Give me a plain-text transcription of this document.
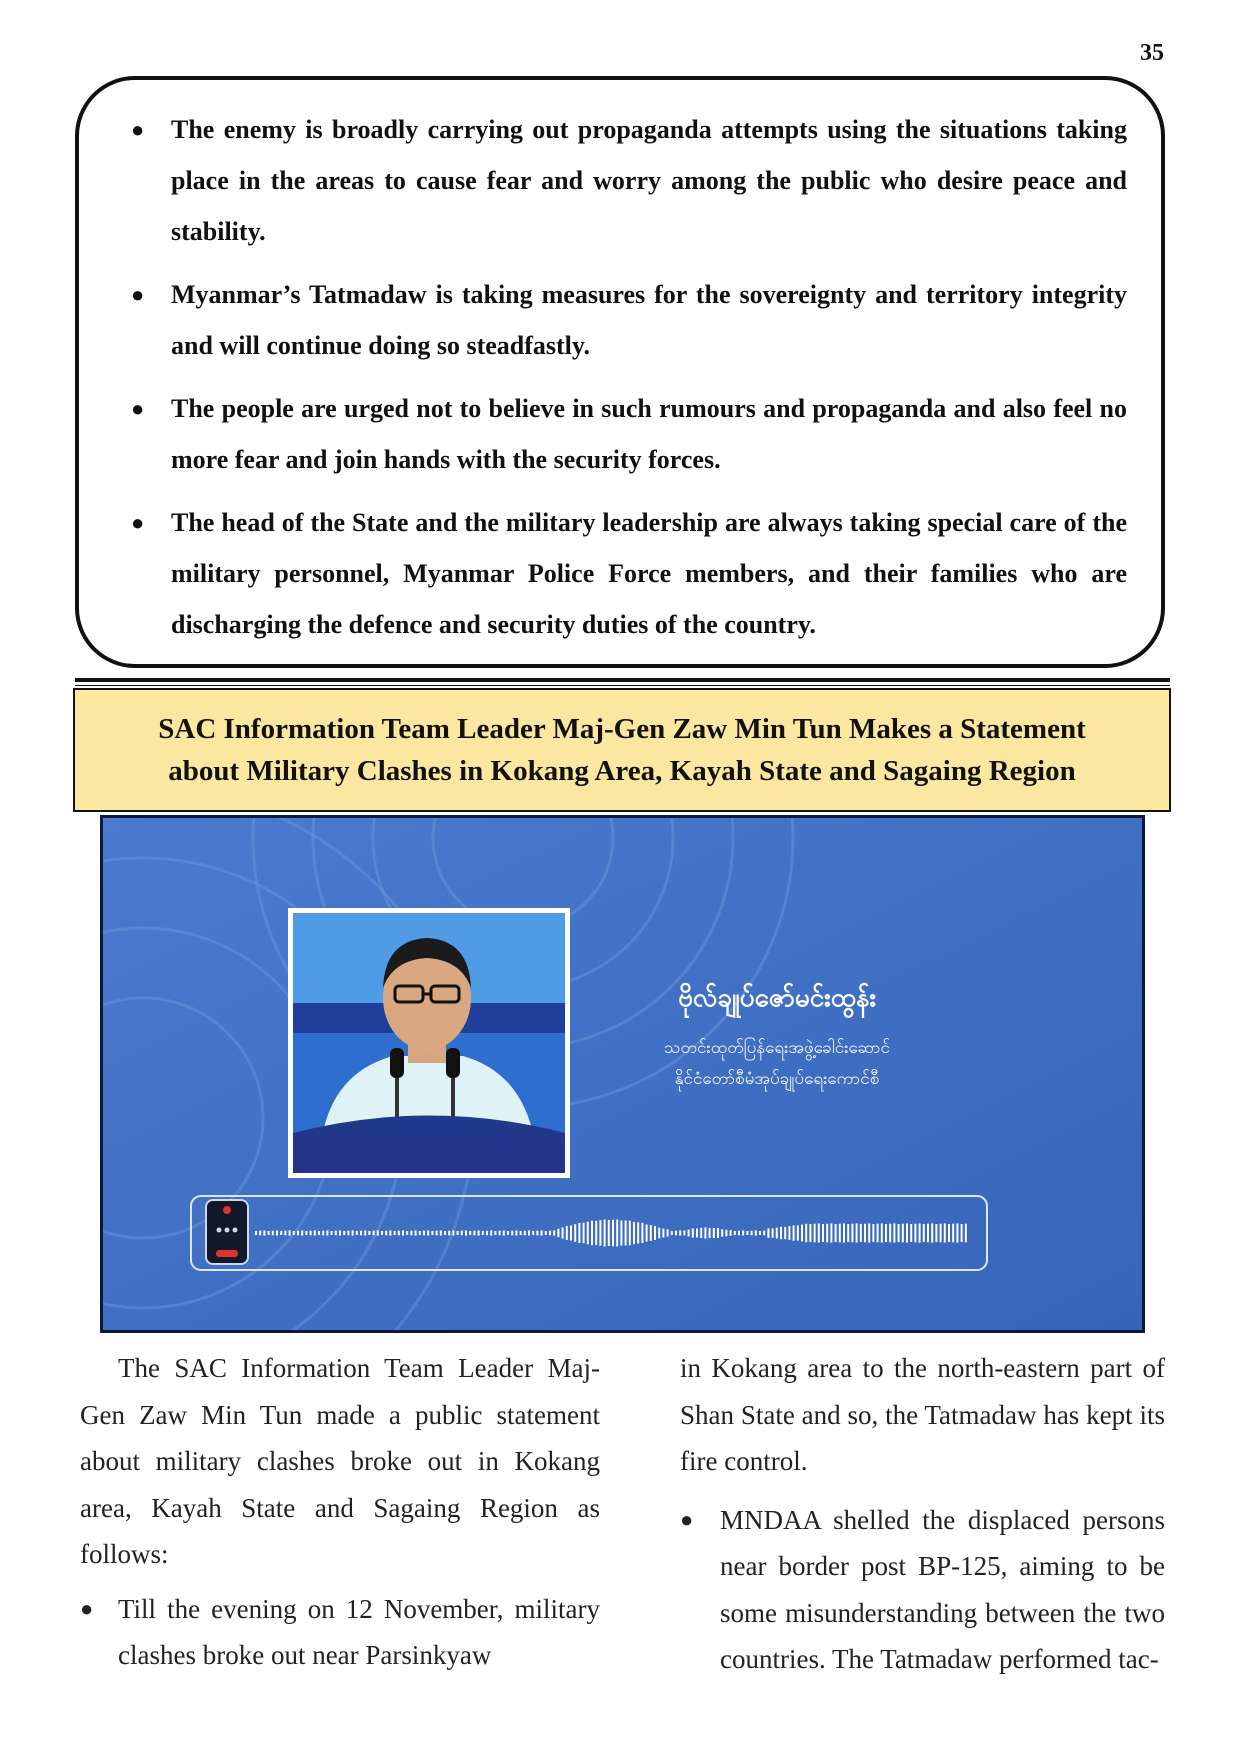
35
● The enemy is broadly carrying out propaganda attempts using the situations taking place in the areas to cause fear and worry among the public who desire peace and stability.
● Myanmar’s Tatmadaw is taking measures for the sovereignty and territory integrity and will continue doing so steadfastly.
● The people are urged not to believe in such rumours and propaganda and also feel no more fear and join hands with the security forces.
● The head of the State and the military leadership are always taking special care of the military personnel, Myanmar Police Force members, and their families who are discharging the defence and security duties of the country.
SAC Information Team Leader Maj-Gen Zaw Min Tun Makes a Statement
about Military Clashes in Kokang Area, Kayah State and Sagaing Region
ဗိုလ်ချုပ်ဇော်မင်းထွန်း
သတင်းထုတ်ပြန်ရေးအဖွဲ့ခေါင်းဆောင်
နိုင်ငံတော်စီမံအုပ်ချုပ်ရေးကောင်စီ

The SAC Information Team Leader Maj-Gen Zaw Min Tun made a public statement about military clashes broke out in Kokang area, Kayah State and Sagaing Region as follows:

● Till the evening on 12 November, military clashes broke out near Parsinkyaw

in Kokang area to the north-eastern part of Shan State and so, the Tatmadaw has kept its fire control.

● MNDAA shelled the displaced persons near border post BP-125, aiming to be some misunderstanding between the two countries. The Tatmadaw performed tac-
